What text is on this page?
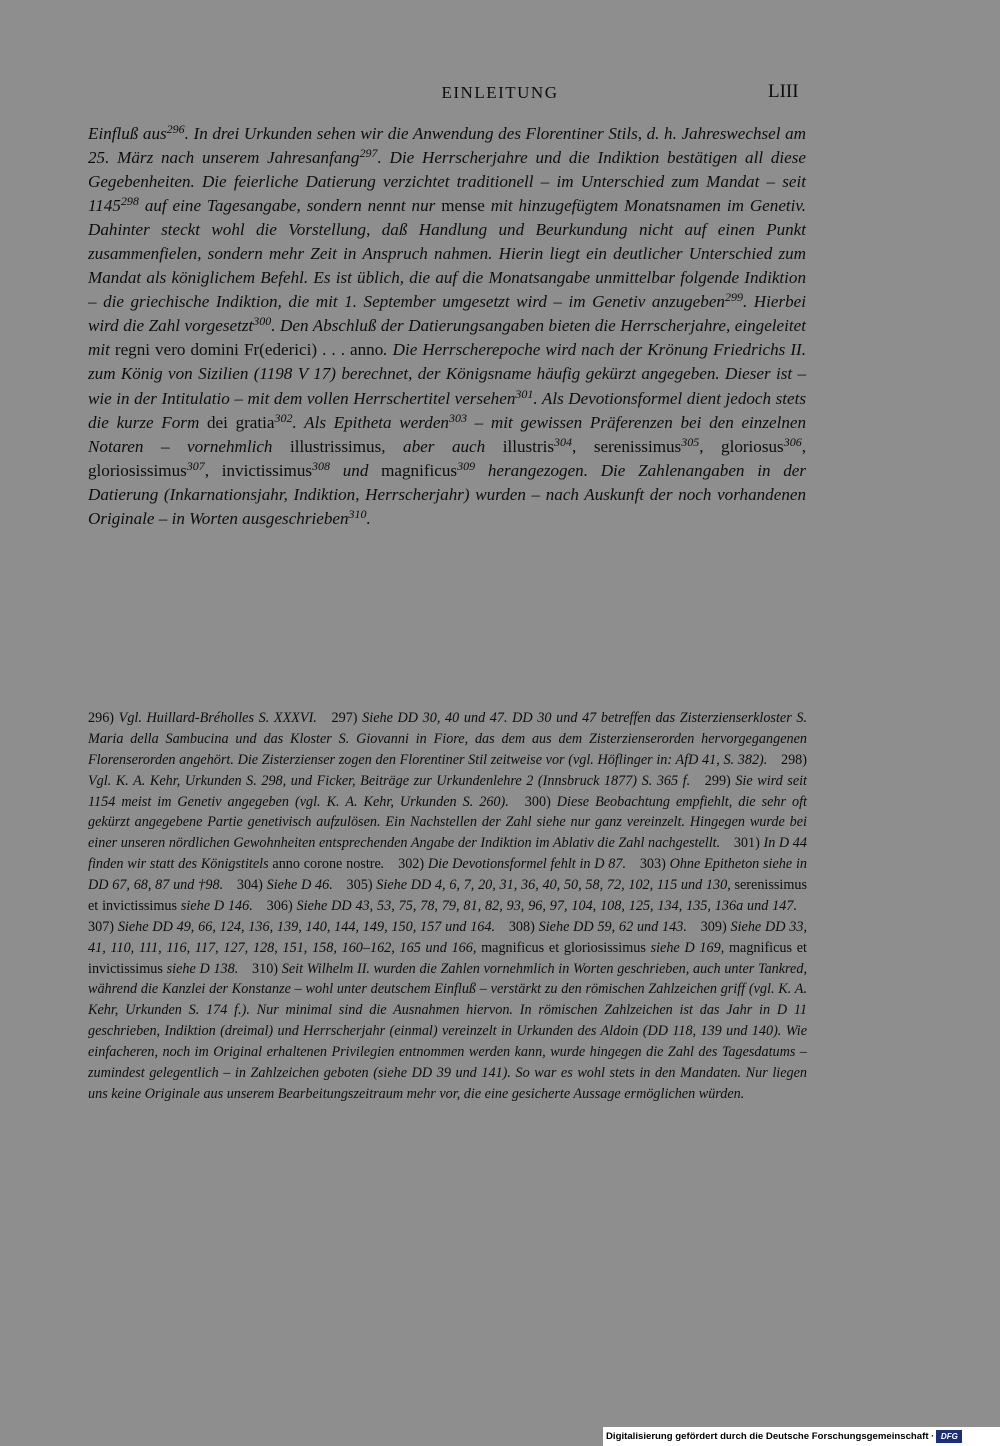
EINLEITUNG	LIII
Einfluß aus$^{296}$. In drei Urkunden sehen wir die Anwendung des Florentiner Stils, d. h. Jahreswechsel am 25. März nach unserem Jahresanfang$^{297}$. Die Herrscherjahre und die Indiktion bestätigen all diese Gegebenheiten. Die feierliche Datierung verzichtet traditionell – im Unterschied zum Mandat – seit 1145$^{298}$ auf eine Tagesangabe, sondern nennt nur mense mit hinzugefügtem Monatsnamen im Genetiv. Dahinter steckt wohl die Vorstellung, daß Handlung und Beurkundung nicht auf einen Punkt zusammenfielen, sondern mehr Zeit in Anspruch nahmen. Hierin liegt ein deutlicher Unterschied zum Mandat als königlichem Befehl. Es ist üblich, die auf die Monatsangabe unmittelbar folgende Indiktion – die griechische Indiktion, die mit 1. September umgesetzt wird – im Genetiv anzugeben$^{299}$. Hierbei wird die Zahl vorgesetzt$^{300}$. Den Abschluß der Datierungsangaben bieten die Herrscherjahre, eingeleitet mit regni vero domini Fr(ederici) . . . anno. Die Herrscherepoche wird nach der Krönung Friedrichs II. zum König von Sizilien (1198 V 17) berechnet, der Königsname häufig gekürzt angegeben. Dieser ist – wie in der Intitulatio – mit dem vollen Herrschertitel versehen$^{301}$. Als Devotionsformel dient jedoch stets die kurze Form dei gratia$^{302}$. Als Epitheta werden$^{303}$ – mit gewissen Präferenzen bei den einzelnen Notaren – vornehmlich illustrissimus, aber auch illustris$^{304}$, serenissimus$^{305}$, gloriosus$^{306}$, gloriosissimus$^{307}$, invictissimus$^{308}$ und magnificus$^{309}$ herangezogen. Die Zahlenangaben in der Datierung (Inkarnationsjahr, Indiktion, Herrscherjahr) wurden – nach Auskunft der noch vorhandenen Originale – in Worten ausgeschrieben$^{310}$.
296) Vgl. Huillard-Bréholles S. XXXVI. 297) Siehe DD 30, 40 und 47. DD 30 und 47 betreffen das Zisterzienserkloster S. Maria della Sambucina und das Kloster S. Giovanni in Fiore, das dem aus dem Zisterzienserorden hervorgegangenen Florenserorden angehört. Die Zisterzienser zogen den Florentiner Stil zeitweise vor (vgl. Höflinger in: AfD 41, S. 382). 298) Vgl. K. A. Kehr, Urkunden S. 298, und Ficker, Beiträge zur Urkundenlehre 2 (Innsbruck 1877) S. 365 f. 299) Sie wird seit 1154 meist im Genetiv angegeben (vgl. K. A. Kehr, Urkunden S. 260). 300) Diese Beobachtung empfiehlt, die sehr oft gekürzt angegebene Partie genetivisch aufzulösen. Ein Nachstellen der Zahl siehe nur ganz vereinzelt. Hingegen wurde bei einer unseren nördlichen Gewohnheiten entsprechenden Angabe der Indiktion im Ablativ die Zahl nachgestellt. 301) In D 44 finden wir statt des Königstitels anno corone nostre. 302) Die Devotionsformel fehlt in D 87. 303) Ohne Epitheton siehe in DD 67, 68, 87 und †98. 304) Siehe D 46. 305) Siehe DD 4, 6, 7, 20, 31, 36, 40, 50, 58, 72, 102, 115 und 130, serenissimus et invictissimus siehe D 146. 306) Siehe DD 43, 53, 75, 78, 79, 81, 82, 93, 96, 97, 104, 108, 125, 134, 135, 136a und 147. 307) Siehe DD 49, 66, 124, 136, 139, 140, 144, 149, 150, 157 und 164. 308) Siehe DD 59, 62 und 143. 309) Siehe DD 33, 41, 110, 111, 116, 117, 127, 128, 151, 158, 160–162, 165 und 166, magnificus et gloriosissimus siehe D 169, magnificus et invictissimus siehe D 138. 310) Seit Wilhelm II. wurden die Zahlen vornehmlich in Worten geschrieben, auch unter Tankred, während die Kanzlei der Konstanze – wohl unter deutschem Einfluß – verstärkt zu den römischen Zahlzeichen griff (vgl. K. A. Kehr, Urkunden S. 174 f.). Nur minimal sind die Ausnahmen hiervon. In römischen Zahlzeichen ist das Jahr in D 11 geschrieben, Indiktion (dreimal) und Herrscherjahr (einmal) vereinzelt in Urkunden des Aldoin (DD 118, 139 und 140). Wie einfacheren, noch im Original erhaltenen Privilegien entnommen werden kann, wurde hingegen die Zahl des Tagesdatums – zumindest gelegentlich – in Zahlzeichen geboten (siehe DD 39 und 141). So war es wohl stets in den Mandaten. Nur liegen uns keine Originale aus unserem Bearbeitungszeitraum mehr vor, die eine gesicherte Aussage ermöglichen würden.
Digitalisierung gefördert durch die Deutsche Forschungsgemeinschaft · DFG
